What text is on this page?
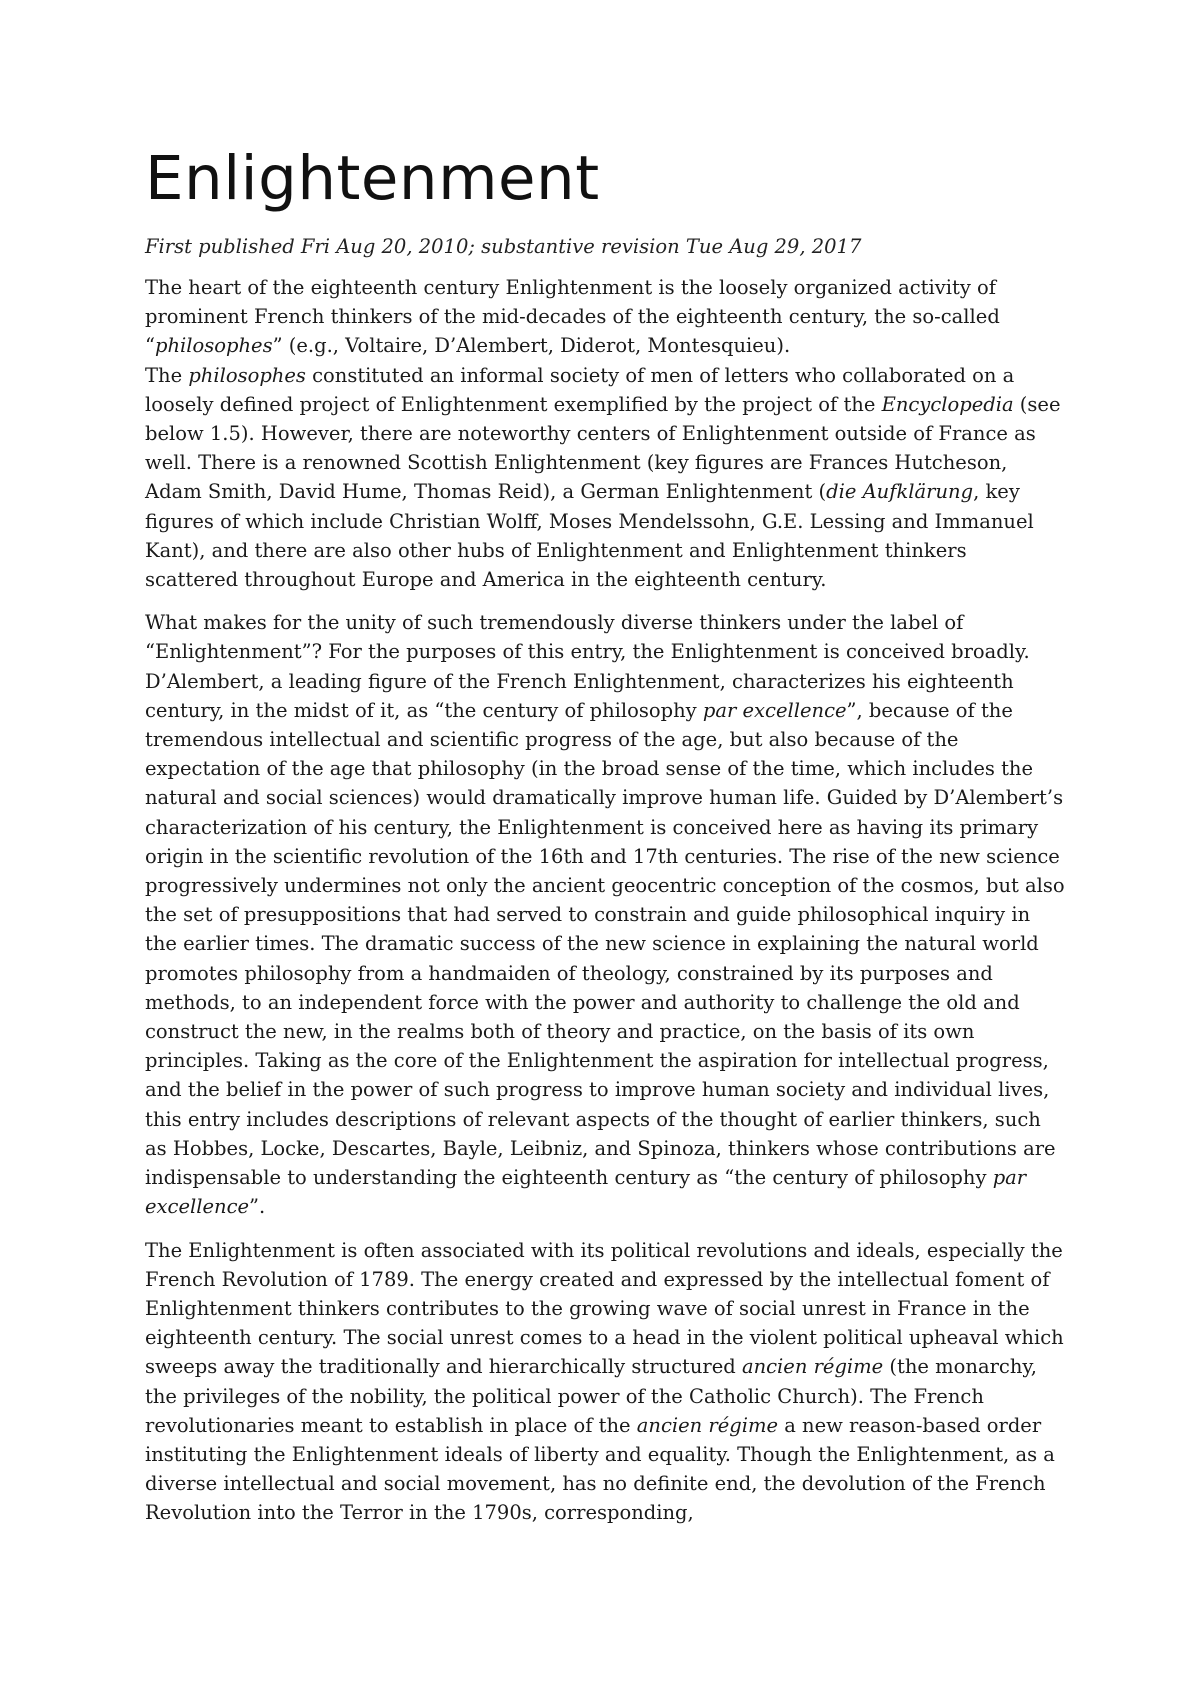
Enlightenment
First published Fri Aug 20, 2010; substantive revision Tue Aug 29, 2017

The heart of the eighteenth century Enlightenment is the loosely organized activity of prominent French thinkers of the mid-decades of the eighteenth century, the so-called “philosophes” (e.g., Voltaire, D’Alembert, Diderot, Montesquieu).
The philosophes constituted an informal society of men of letters who collaborated on a loosely defined project of Enlightenment exemplified by the project of the Encyclopedia (see below 1.5). However, there are noteworthy centers of Enlightenment outside of France as well. There is a renowned Scottish Enlightenment (key figures are Frances Hutcheson, Adam Smith, David Hume, Thomas Reid), a German Enlightenment (die Aufklärung, key figures of which include Christian Wolff, Moses Mendelssohn, G.E. Lessing and Immanuel Kant), and there are also other hubs of Enlightenment and Enlightenment thinkers scattered throughout Europe and America in the eighteenth century.

What makes for the unity of such tremendously diverse thinkers under the label of “Enlightenment”? For the purposes of this entry, the Enlightenment is conceived broadly. D’Alembert, a leading figure of the French Enlightenment, characterizes his eighteenth century, in the midst of it, as “the century of philosophy par excellence”, because of the tremendous intellectual and scientific progress of the age, but also because of the expectation of the age that philosophy (in the broad sense of the time, which includes the natural and social sciences) would dramatically improve human life. Guided by D’Alembert’s characterization of his century, the Enlightenment is conceived here as having its primary origin in the scientific revolution of the 16th and 17th centuries. The rise of the new science progressively undermines not only the ancient geocentric conception of the cosmos, but also the set of presuppositions that had served to constrain and guide philosophical inquiry in the earlier times. The dramatic success of the new science in explaining the natural world promotes philosophy from a handmaiden of theology, constrained by its purposes and methods, to an independent force with the power and authority to challenge the old and construct the new, in the realms both of theory and practice, on the basis of its own principles. Taking as the core of the Enlightenment the aspiration for intellectual progress, and the belief in the power of such progress to improve human society and individual lives, this entry includes descriptions of relevant aspects of the thought of earlier thinkers, such as Hobbes, Locke, Descartes, Bayle, Leibniz, and Spinoza, thinkers whose contributions are indispensable to understanding the eighteenth century as “the century of philosophy par excellence”.

The Enlightenment is often associated with its political revolutions and ideals, especially the French Revolution of 1789. The energy created and expressed by the intellectual foment of Enlightenment thinkers contributes to the growing wave of social unrest in France in the eighteenth century. The social unrest comes to a head in the violent political upheaval which sweeps away the traditionally and hierarchically structured ancien régime (the monarchy, the privileges of the nobility, the political power of the Catholic Church). The French revolutionaries meant to establish in place of the ancien régime a new reason-based order instituting the Enlightenment ideals of liberty and equality. Though the Enlightenment, as a diverse intellectual and social movement, has no definite end, the devolution of the French Revolution into the Terror in the 1790s, corresponding,
